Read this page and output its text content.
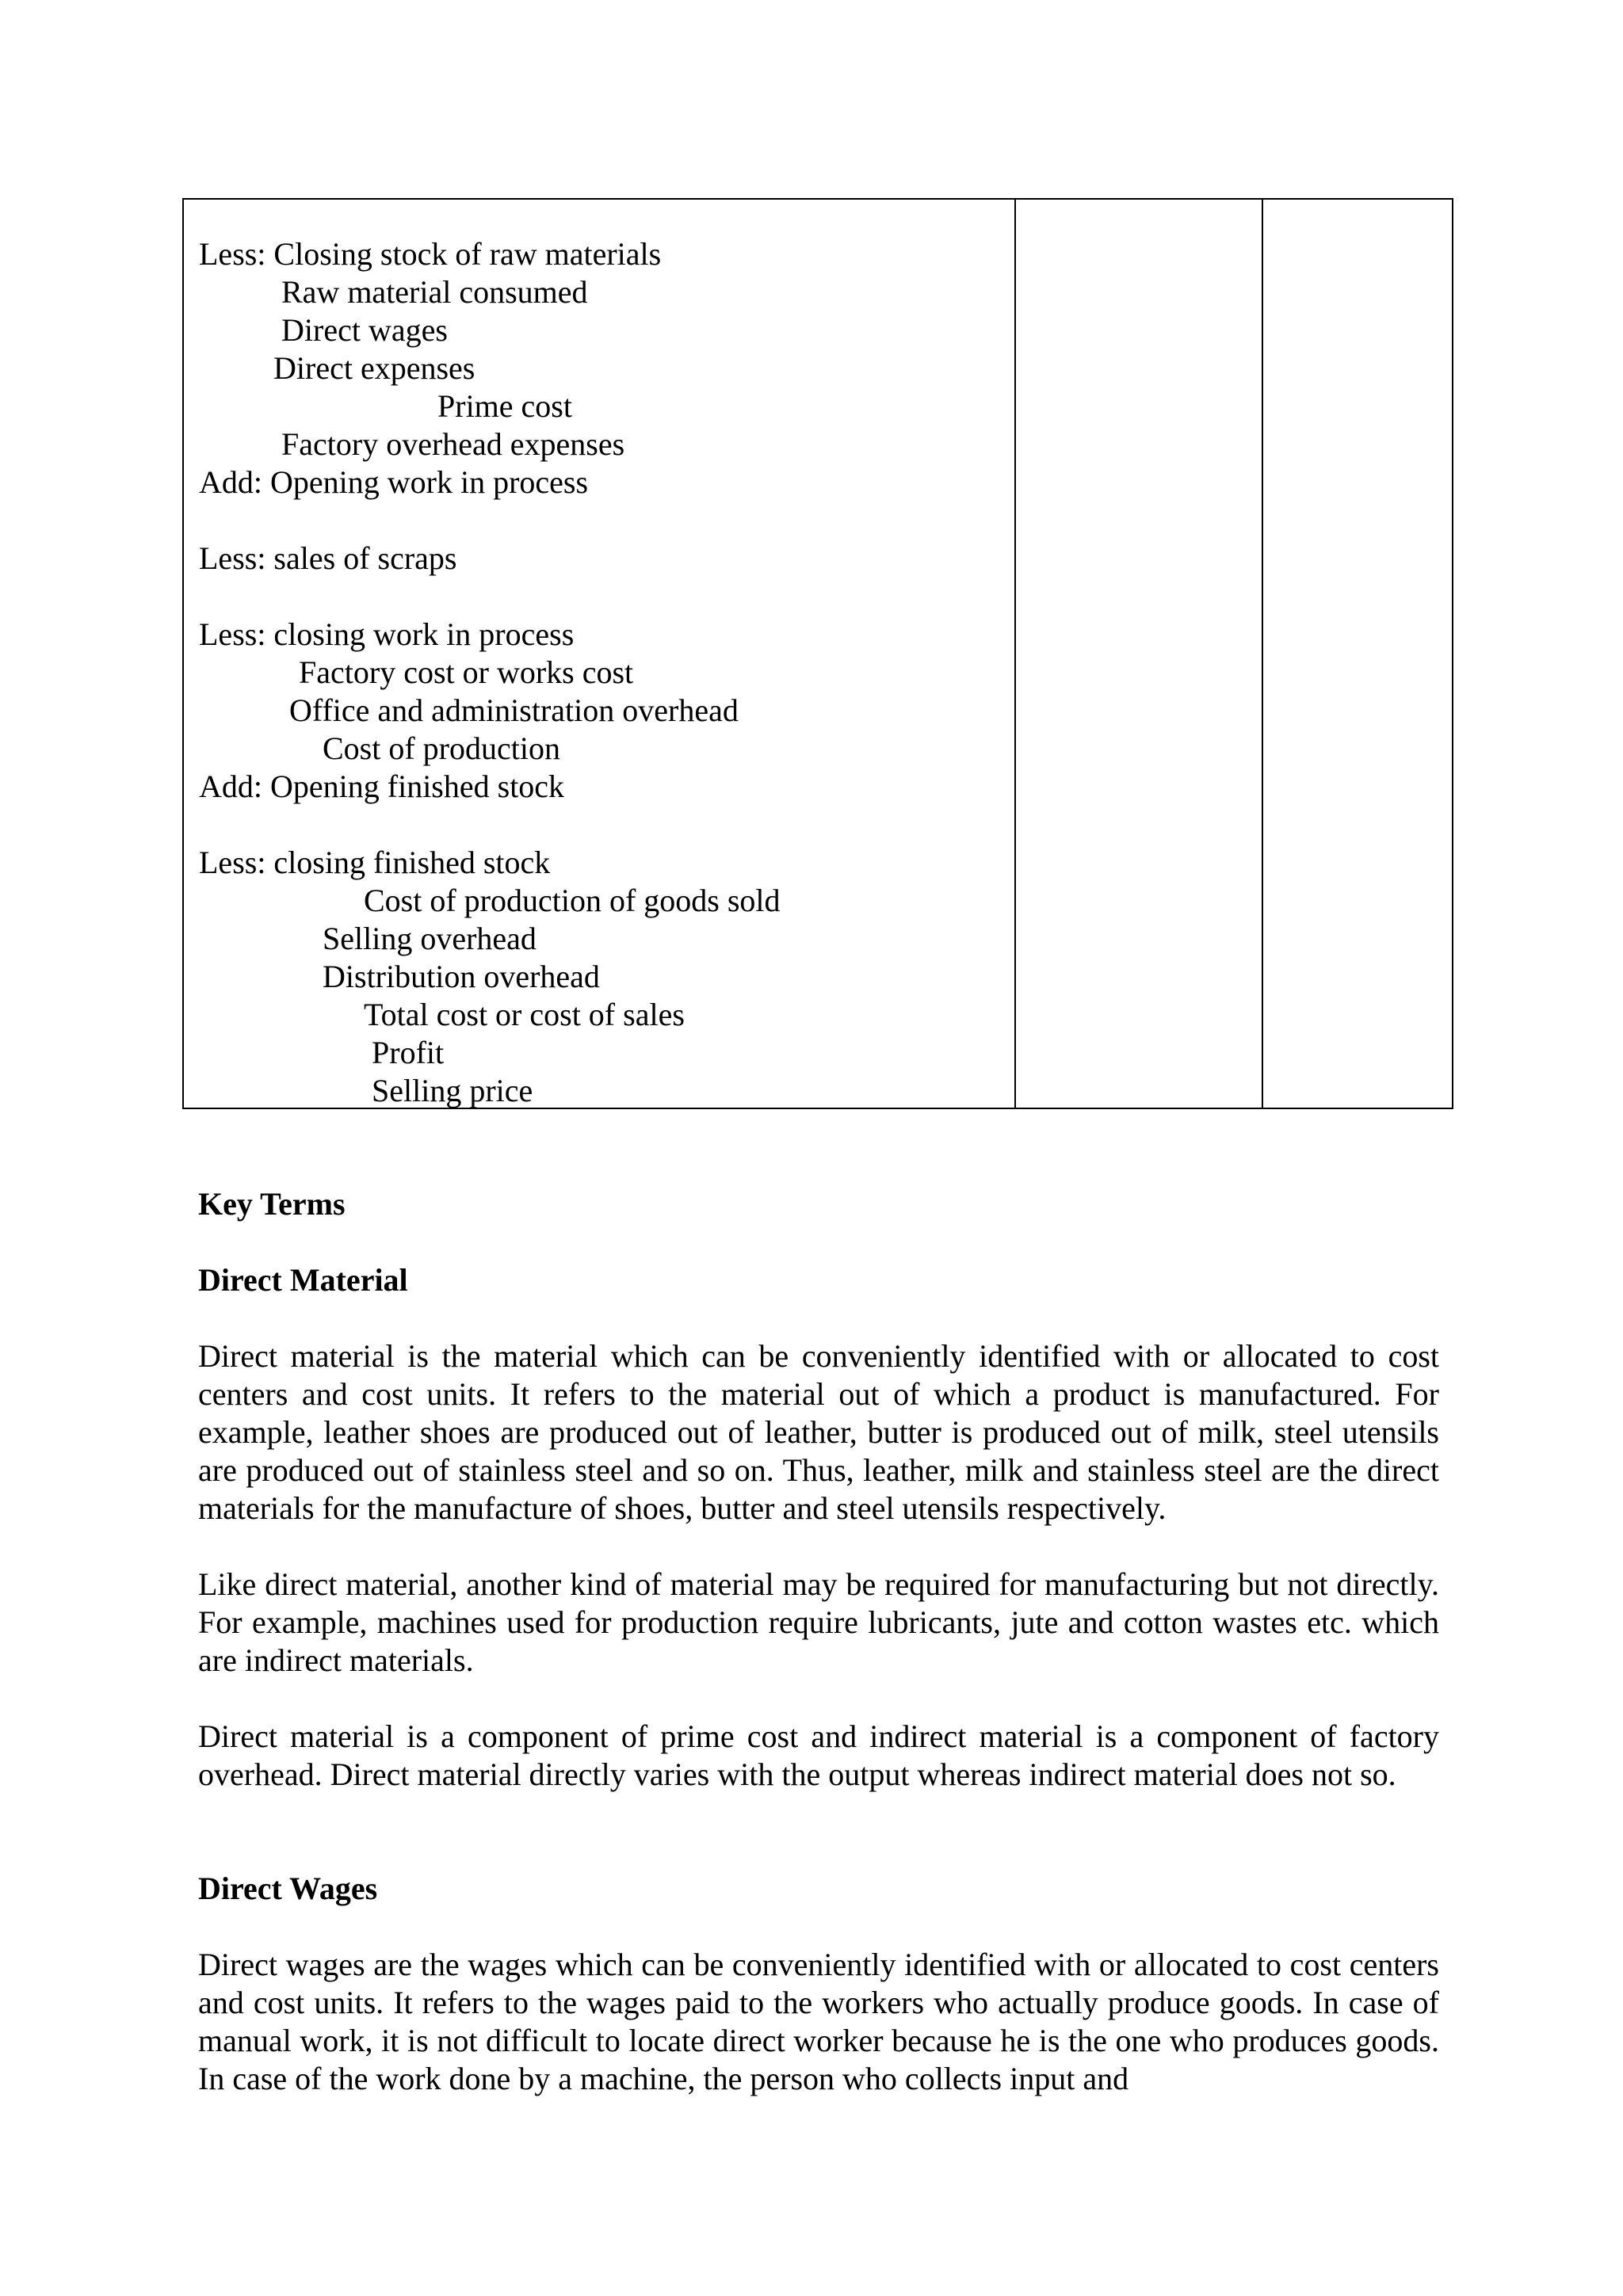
Less: Closing stock of raw materials
Raw material consumed
Direct wages
Direct expenses
Prime cost
Factory overhead expenses
Add: Opening work in process
Less: sales of scraps
Less: closing work in process
Factory cost or works cost
Office and administration overhead
Cost of production
Add: Opening finished stock
Less: closing finished stock
Cost of production of goods sold
Selling overhead
Distribution overhead
Total cost or cost of sales
Profit
Selling price
Key Terms
Direct Material
Direct material is the material which can be conveniently identified with or allocated to cost centers and cost units. It refers to the material out of which a product is manufactured. For example, leather shoes are produced out of leather, butter is produced out of milk, steel utensils are produced out of stainless steel and so on. Thus, leather, milk and stainless steel are the direct materials for the manufacture of shoes, butter and steel utensils respectively.
Like direct material, another kind of material may be required for manufacturing but not directly. For example, machines used for production require lubricants, jute and cotton wastes etc. which are indirect materials.
Direct material is a component of prime cost and indirect material is a component of factory overhead. Direct material directly varies with the output whereas indirect material does not so.
Direct Wages
Direct wages are the wages which can be conveniently identified with or allocated to cost centers and cost units. It refers to the wages paid to the workers who actually produce goods. In case of manual work, it is not difficult to locate direct worker because he is the one who produces goods. In case of the work done by a machine, the person who collects input and
